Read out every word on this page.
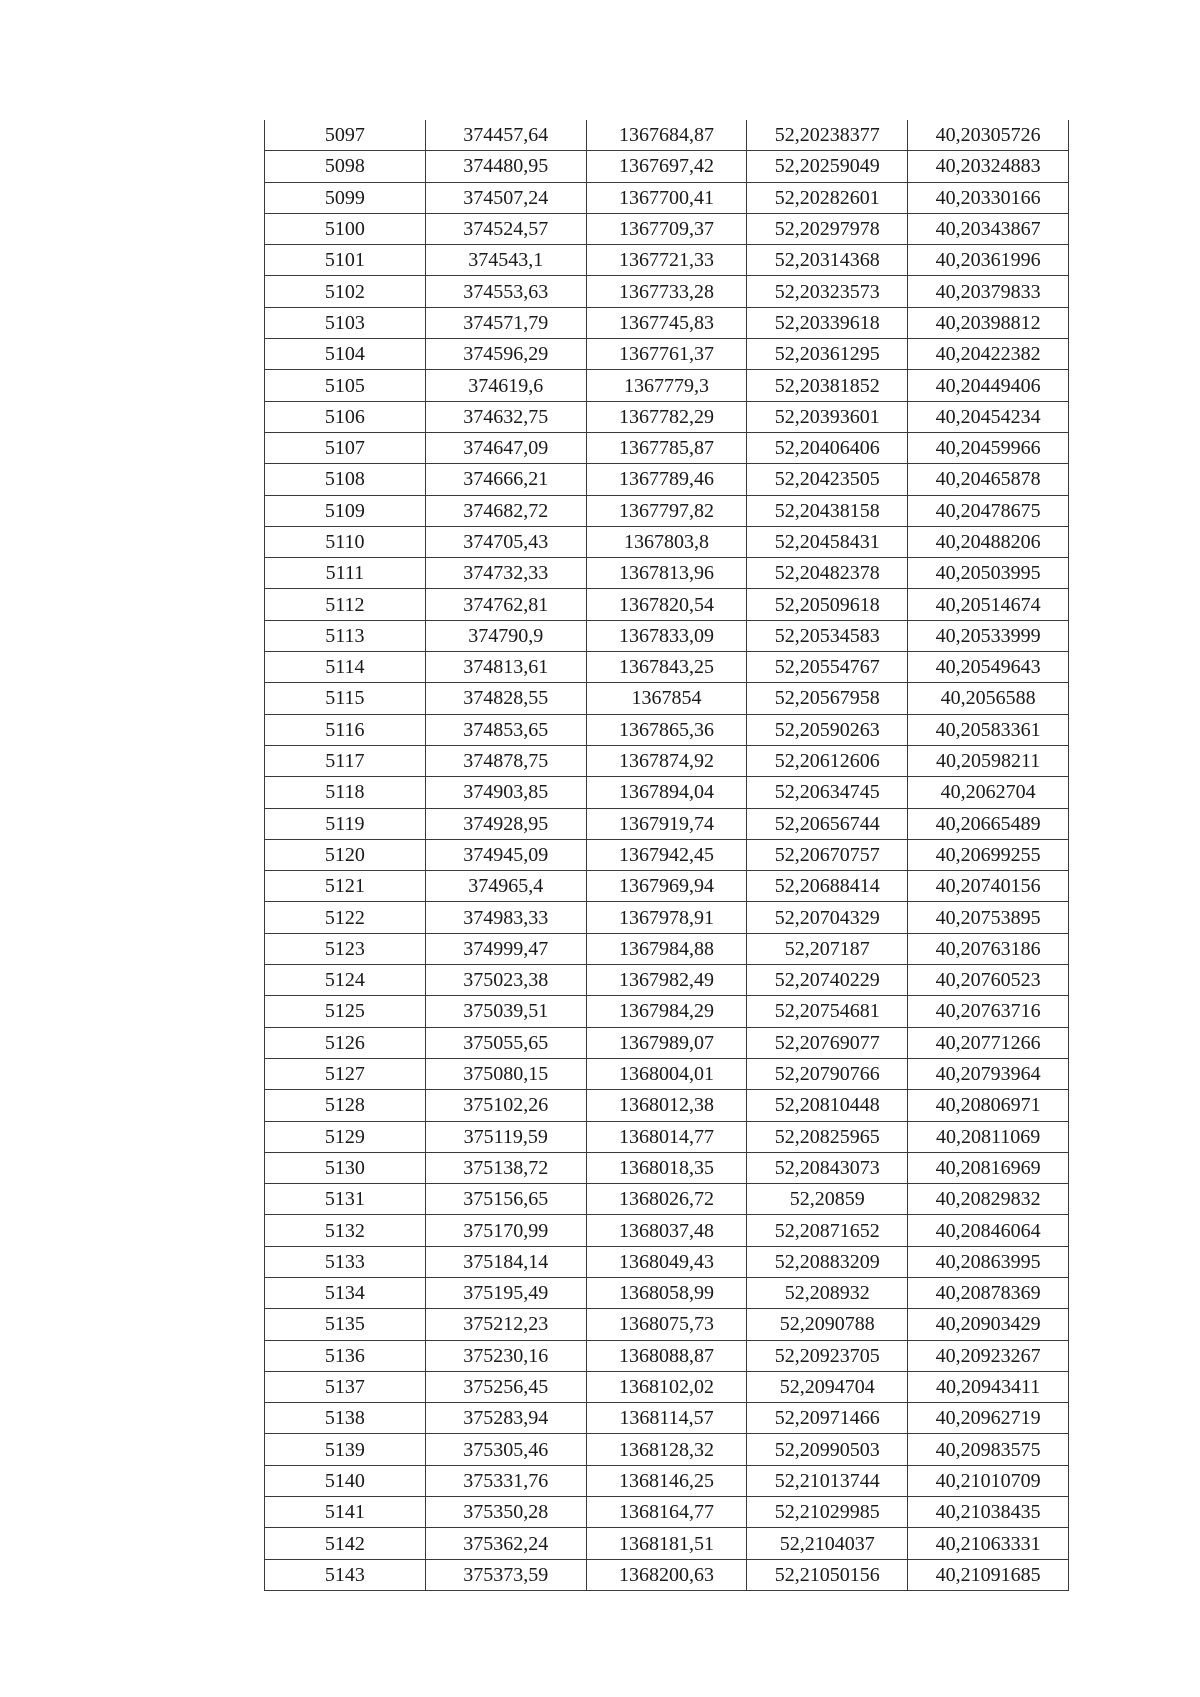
5097	374457,64	1367684,87	52,20238377	40,20305726
5098	374480,95	1367697,42	52,20259049	40,20324883
5099	374507,24	1367700,41	52,20282601	40,20330166
5100	374524,57	1367709,37	52,20297978	40,20343867
5101	374543,1	1367721,33	52,20314368	40,20361996
5102	374553,63	1367733,28	52,20323573	40,20379833
5103	374571,79	1367745,83	52,20339618	40,20398812
5104	374596,29	1367761,37	52,20361295	40,20422382
5105	374619,6	1367779,3	52,20381852	40,20449406
5106	374632,75	1367782,29	52,20393601	40,20454234
5107	374647,09	1367785,87	52,20406406	40,20459966
5108	374666,21	1367789,46	52,20423505	40,20465878
5109	374682,72	1367797,82	52,20438158	40,20478675
5110	374705,43	1367803,8	52,20458431	40,20488206
5111	374732,33	1367813,96	52,20482378	40,20503995
5112	374762,81	1367820,54	52,20509618	40,20514674
5113	374790,9	1367833,09	52,20534583	40,20533999
5114	374813,61	1367843,25	52,20554767	40,20549643
5115	374828,55	1367854	52,20567958	40,2056588
5116	374853,65	1367865,36	52,20590263	40,20583361
5117	374878,75	1367874,92	52,20612606	40,20598211
5118	374903,85	1367894,04	52,20634745	40,2062704
5119	374928,95	1367919,74	52,20656744	40,20665489
5120	374945,09	1367942,45	52,20670757	40,20699255
5121	374965,4	1367969,94	52,20688414	40,20740156
5122	374983,33	1367978,91	52,20704329	40,20753895
5123	374999,47	1367984,88	52,207187	40,20763186
5124	375023,38	1367982,49	52,20740229	40,20760523
5125	375039,51	1367984,29	52,20754681	40,20763716
5126	375055,65	1367989,07	52,20769077	40,20771266
5127	375080,15	1368004,01	52,20790766	40,20793964
5128	375102,26	1368012,38	52,20810448	40,20806971
5129	375119,59	1368014,77	52,20825965	40,20811069
5130	375138,72	1368018,35	52,20843073	40,20816969
5131	375156,65	1368026,72	52,20859	40,20829832
5132	375170,99	1368037,48	52,20871652	40,20846064
5133	375184,14	1368049,43	52,20883209	40,20863995
5134	375195,49	1368058,99	52,208932	40,20878369
5135	375212,23	1368075,73	52,2090788	40,20903429
5136	375230,16	1368088,87	52,20923705	40,20923267
5137	375256,45	1368102,02	52,2094704	40,20943411
5138	375283,94	1368114,57	52,20971466	40,20962719
5139	375305,46	1368128,32	52,20990503	40,20983575
5140	375331,76	1368146,25	52,21013744	40,21010709
5141	375350,28	1368164,77	52,21029985	40,21038435
5142	375362,24	1368181,51	52,2104037	40,21063331
5143	375373,59	1368200,63	52,21050156	40,21091685
